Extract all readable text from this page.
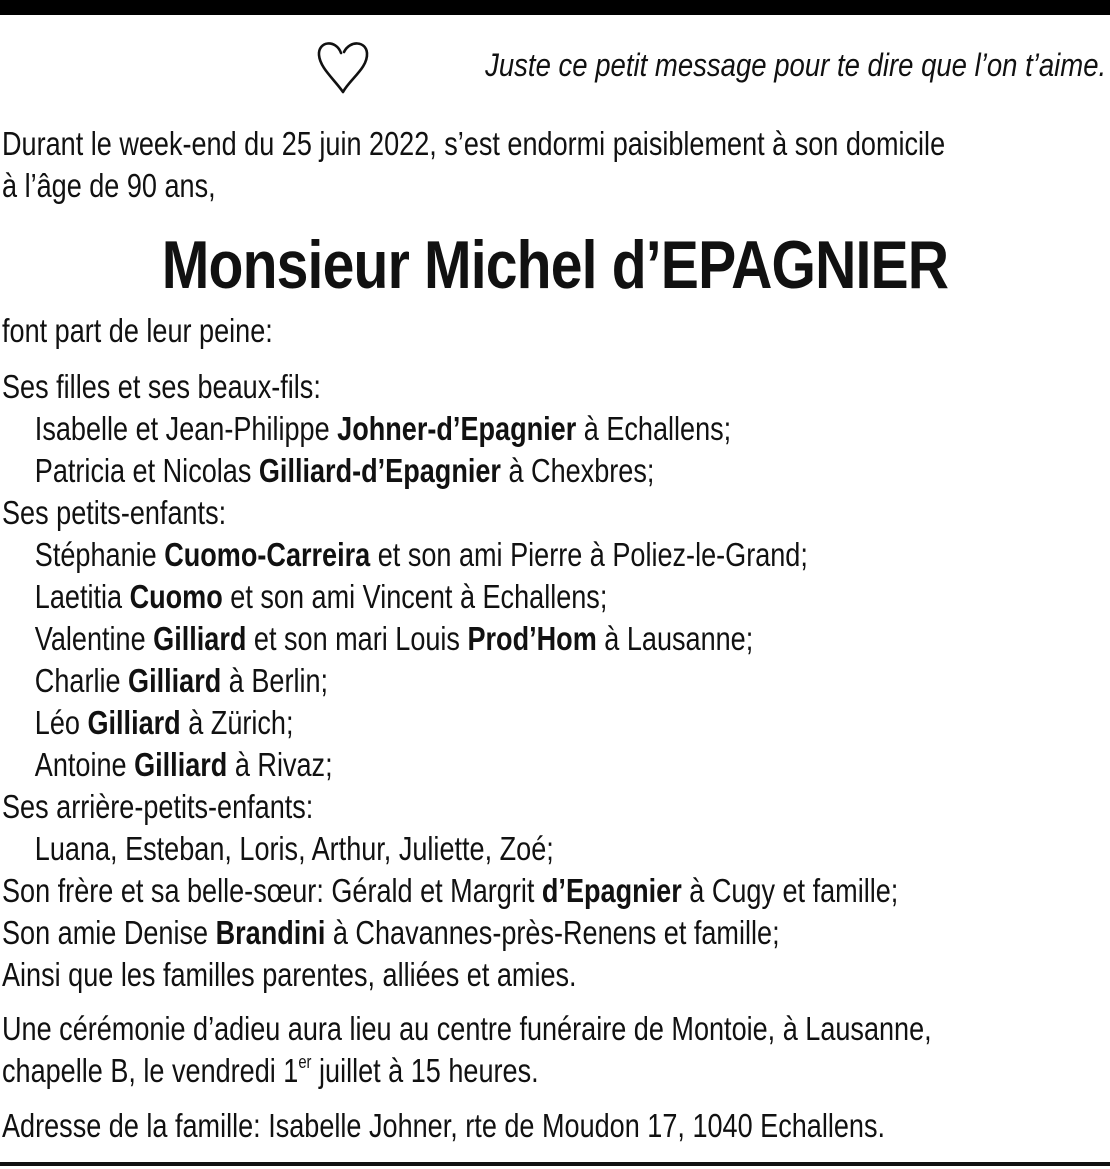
Juste ce petit message pour te dire que l’on t’aime.
Durant le week-end du 25 juin 2022, s’est endormi paisiblement à son domicile
à l’âge de 90 ans,
Monsieur Michel d’EPAGNIER
font part de leur peine:
Ses filles et ses beaux-fils:
Isabelle et Jean-Philippe Johner-d’Epagnier à Echallens;
Patricia et Nicolas Gilliard-d’Epagnier à Chexbres;
Ses petits-enfants:
Stéphanie Cuomo-Carreira et son ami Pierre à Poliez-le-Grand;
Laetitia Cuomo et son ami Vincent à Echallens;
Valentine Gilliard et son mari Louis Prod’Hom à Lausanne;
Charlie Gilliard à Berlin;
Léo Gilliard à Zürich;
Antoine Gilliard à Rivaz;
Ses arrière-petits-enfants:
Luana, Esteban, Loris, Arthur, Juliette, Zoé;
Son frère et sa belle-sœur: Gérald et Margrit d’Epagnier à Cugy et famille;
Son amie Denise Brandini à Chavannes-près-Renens et famille;
Ainsi que les familles parentes, alliées et amies.
Une cérémonie d’adieu aura lieu au centre funéraire de Montoie, à Lausanne,
chapelle B, le vendredi 1er juillet à 15 heures.
Adresse de la famille: Isabelle Johner, rte de Moudon 17, 1040 Echallens.
